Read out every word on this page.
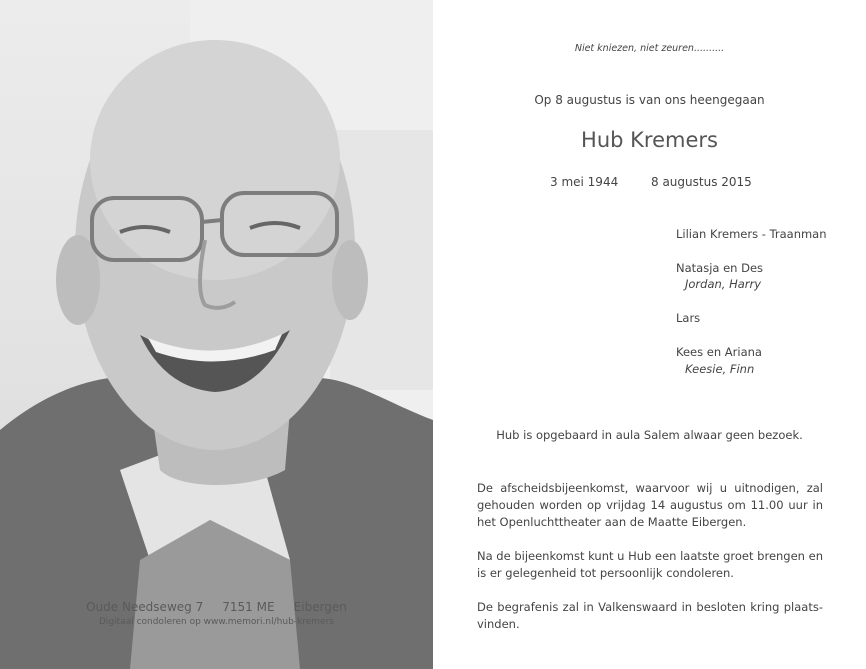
Oude Needseweg 7 7151 ME Eibergen
Digitaal condoleren op www.memori.nl/hub-kremers
Niet kniezen, niet zeuren..........
Op 8 augustus is van ons heengegaan
Hub Kremers
3 mei 1944	8 augustus 2015
Lilian Kremers - Traanman
Natasja en Des
Jordan, Harry
Lars
Kees en Ariana
Keesie, Finn
Hub is opgebaard in aula Salem alwaar geen bezoek.
De afscheidsbijeenkomst, waarvoor wij u uitnodigen, zal gehouden worden op vrijdag 14 augustus om 11.00 uur in het Openluchttheater aan de Maatte Eibergen.
Na de bijeenkomst kunt u Hub een laatste groet brengen en is er gelegenheid tot persoonlijk condoleren.
De begrafenis zal in Valkenswaard in besloten kring plaats-vinden.
